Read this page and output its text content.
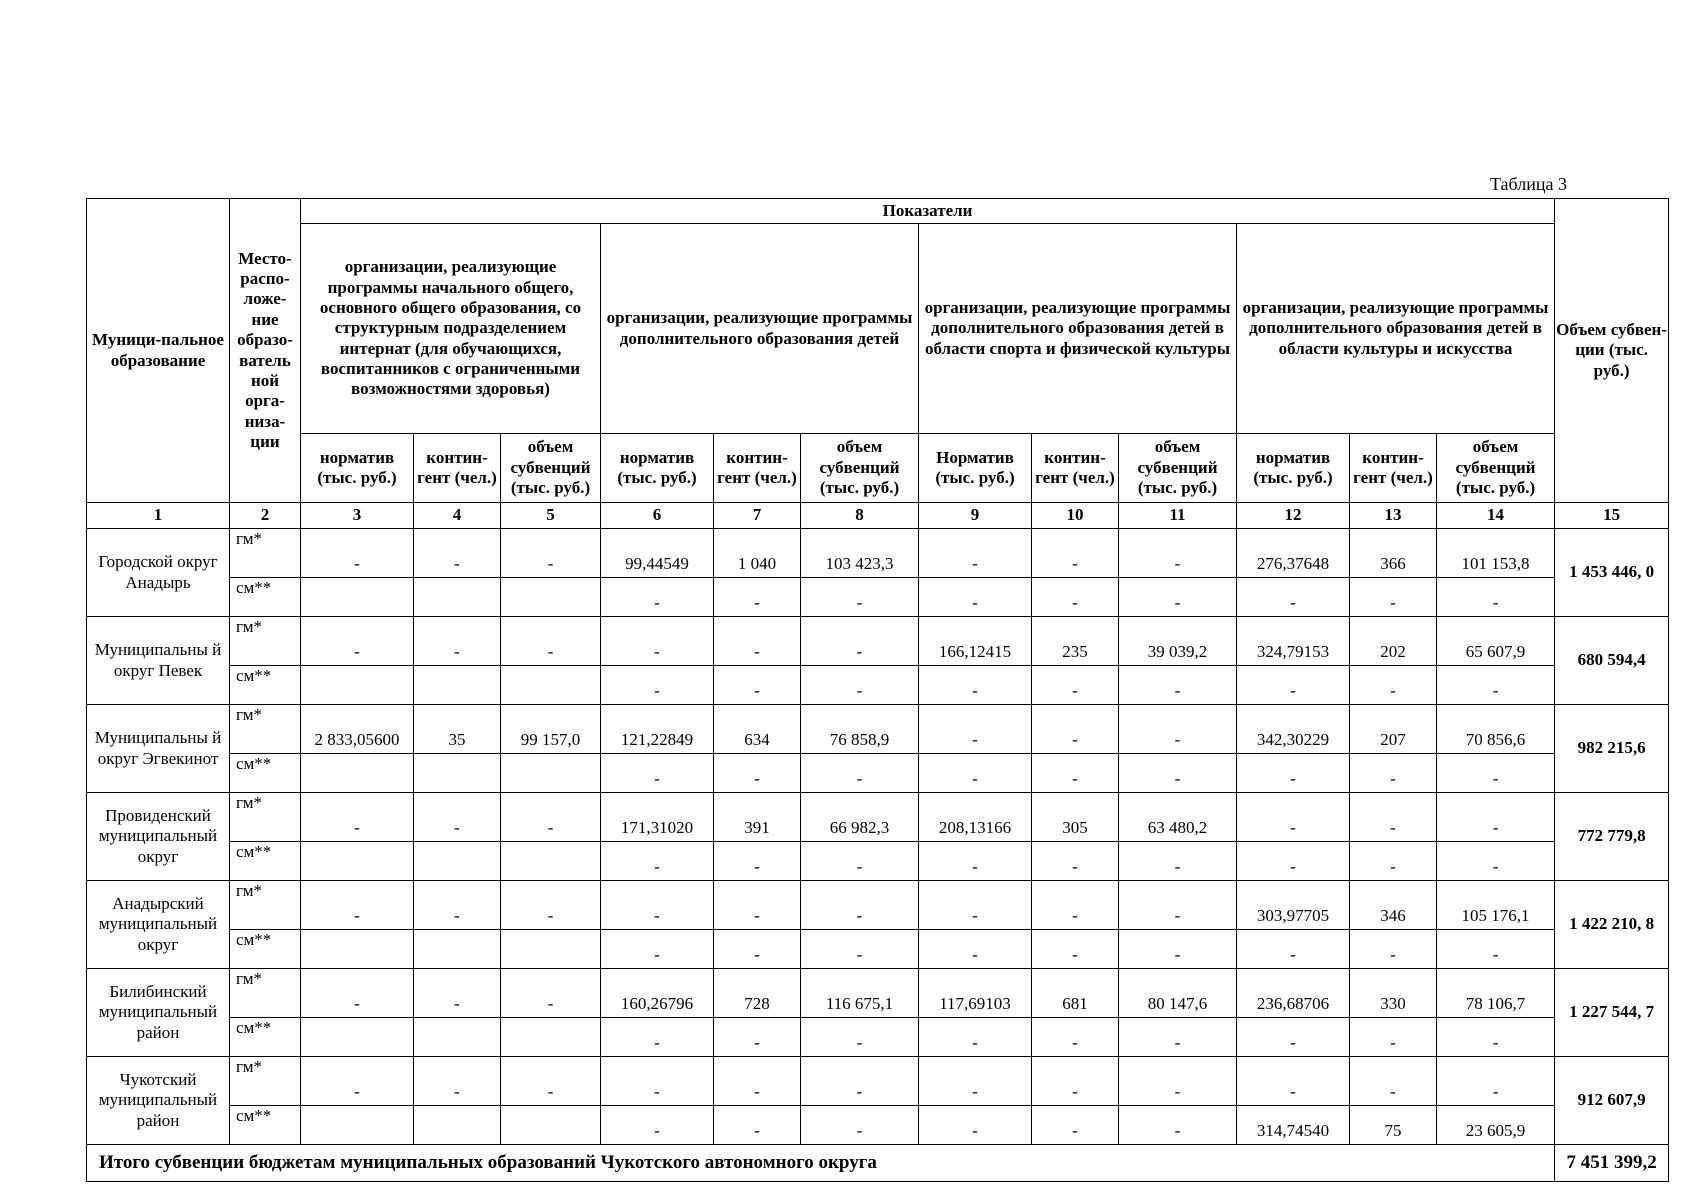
Таблица 3
Муници-пальное образование	Место-распо-ложе-ние образо-ватель ной орга-низа-ции	Показатели												Объем субвен-ции (тыс. руб.)
		организации, реализующие программы начального общего, основного общего образования, со структурным подразделением интернат (для обучающихся, воспитанников с ограниченными возможностями здоровья)			организации, реализующие программы дополнительного образования детей			организации, реализующие программы дополнительного образования детей в области спорта и физической культуры			организации, реализующие программы дополнительного образования детей в области культуры и искусства			
		норматив (тыс. руб.)	контин-гент (чел.)	объем субвенций (тыс. руб.)	норматив (тыс. руб.)	контин-гент (чел.)	объем субвенций (тыс. руб.)	Норматив (тыс. руб.)	контин-гент (чел.)	объем субвенций (тыс. руб.)	норматив (тыс. руб.)	контин-гент (чел.)	объем субвенций (тыс. руб.)	
1	2	3	4	5	6	7	8	9	10	11	12	13	14	15
Городской округ Анадырь	гм*	-	-	-	99,44549	1 040	103 423,3	-	-	-	276,37648	366	101 153,8	1 453 446, 0
	см**				-	-	-	-	-	-	-	-	-	
Муниципальны й округ Певек	гм*	-	-	-	-	-	-	166,12415	235	39 039,2	324,79153	202	65 607,9	680 594,4
	см**				-	-	-	-	-	-	-	-	-	
Муниципальны й округ Эгвекинот	гм*	2 833,05600	35	99 157,0	121,22849	634	76 858,9	-	-	-	342,30229	207	70 856,6	982 215,6
	см**				-	-	-	-	-	-	-	-	-	
Провиденский муниципальный округ	гм*	-	-	-	171,31020	391	66 982,3	208,13166	305	63 480,2	-	-	-	772 779,8
	см**				-	-	-	-	-	-	-	-	-	
Анадырский муниципальный округ	гм*	-	-	-	-	-	-	-	-	-	303,97705	346	105 176,1	1 422 210, 8
	см**				-	-	-	-	-	-	-	-	-	
Билибинский муниципальный район	гм*	-	-	-	160,26796	728	116 675,1	117,69103	681	80 147,6	236,68706	330	78 106,7	1 227 544, 7
	см**				-	-	-	-	-	-	-	-	-	
Чукотский муниципальный район	гм*	-	-	-	-	-	-	-	-	-	-	-	-	912 607,9
	см**				-	-	-	-	-	-	314,74540	75	23 605,9	
Итого субвенции бюджетам муниципальных образований Чукотского автономного округа														7 451 399,2
